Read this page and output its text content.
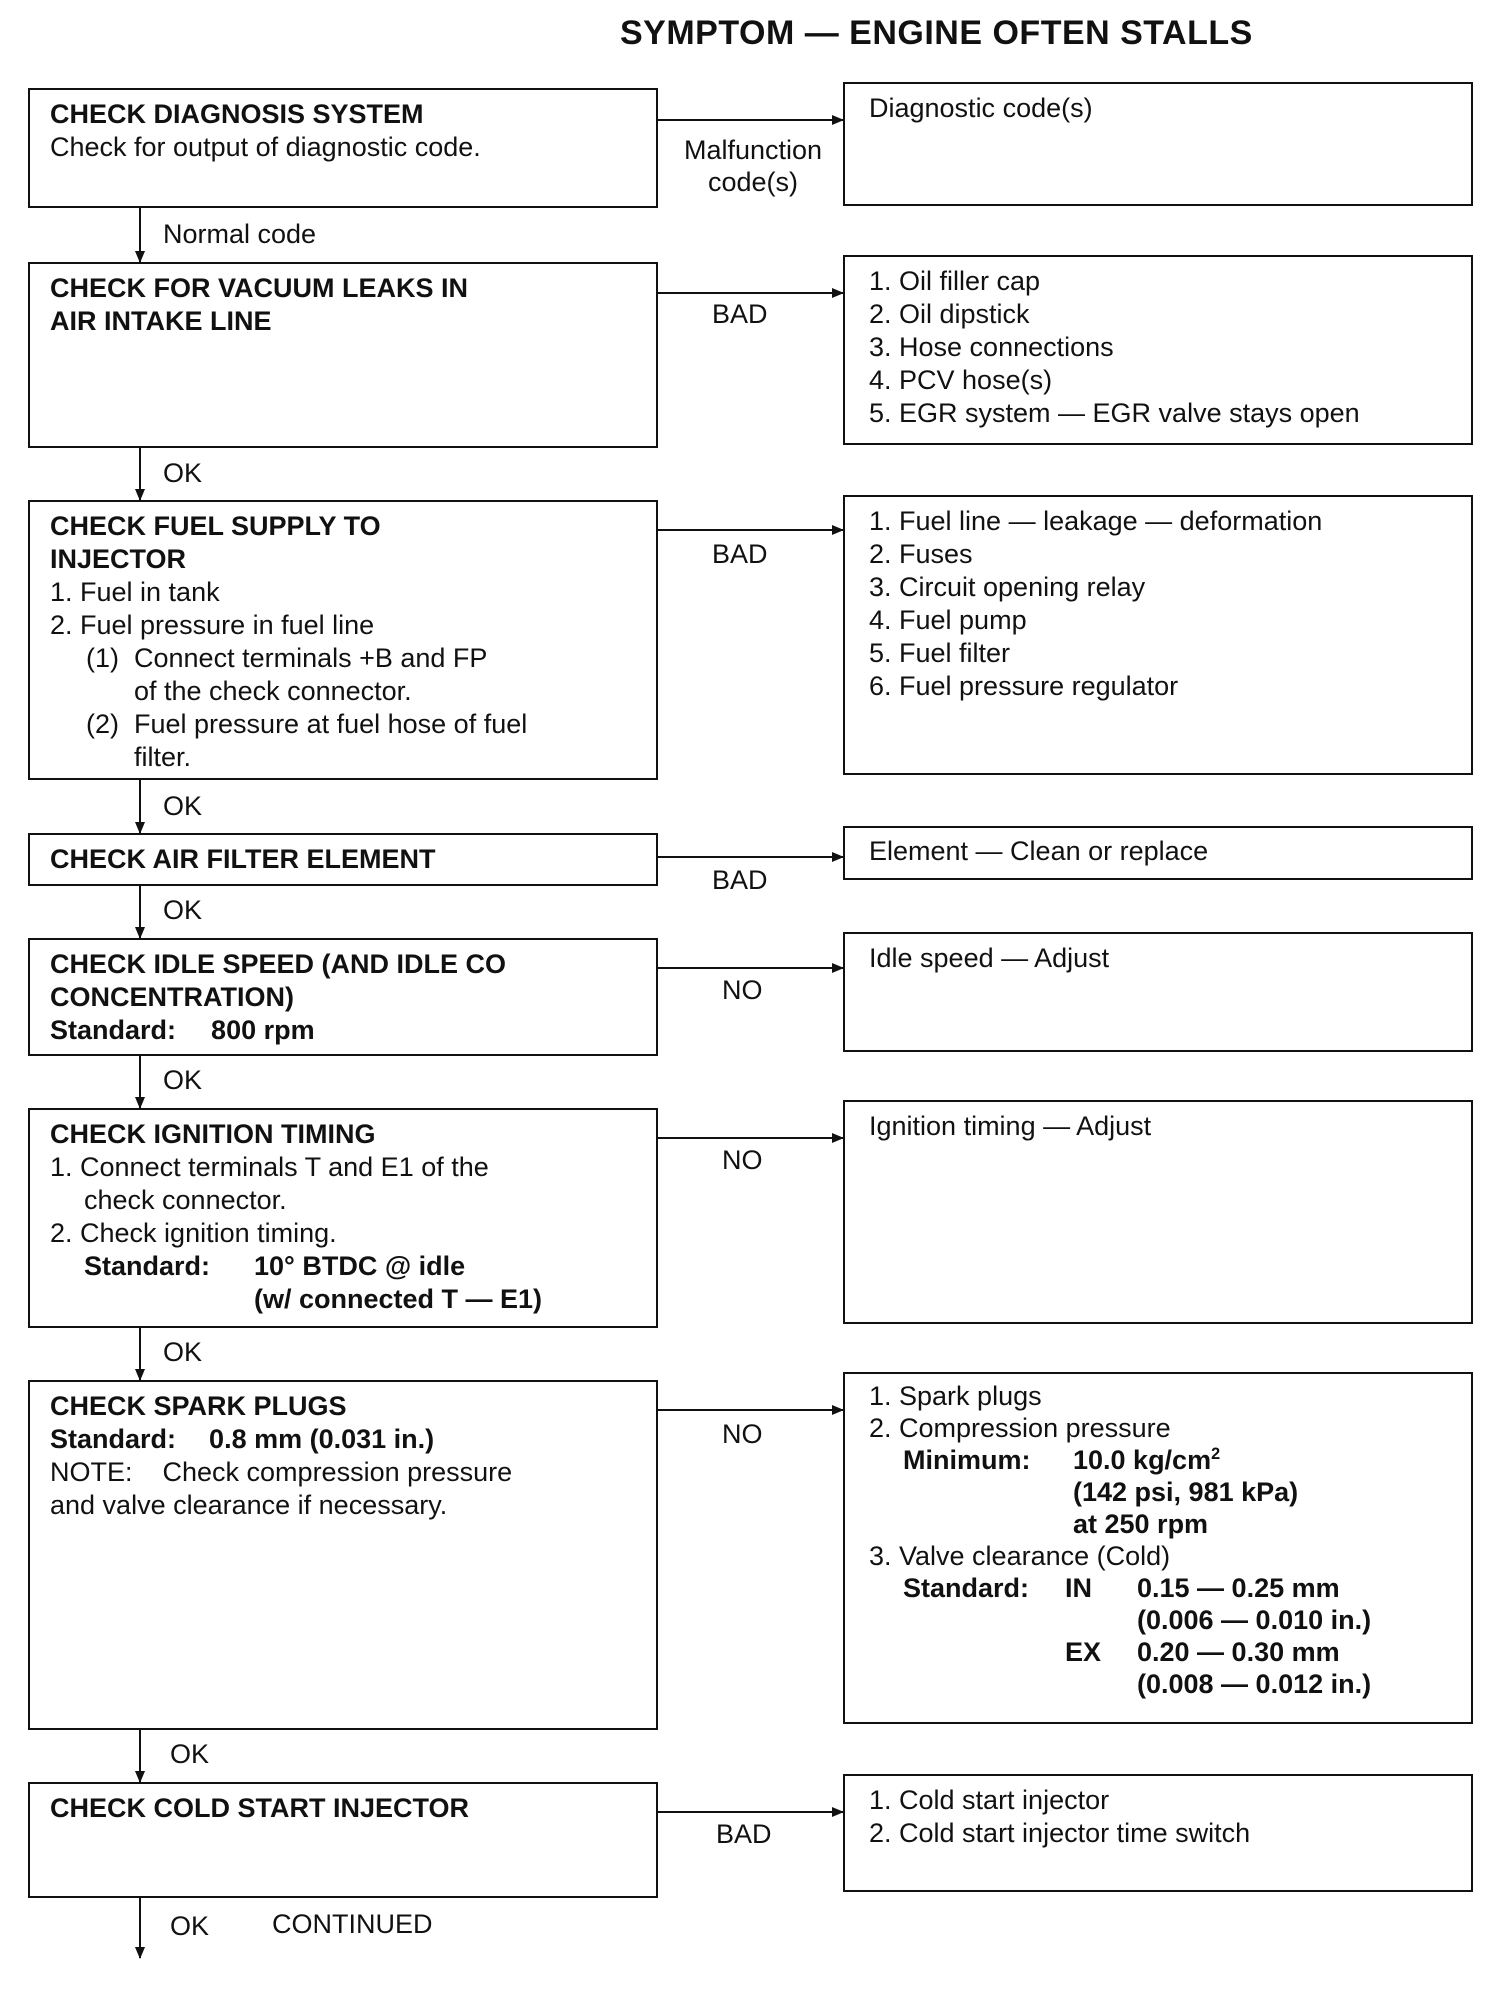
SYMPTOM — ENGINE OFTEN STALLS
CHECK DIAGNOSIS SYSTEM
Check for output of diagnostic code.	Malfunction
code(s)
Diagnostic code(s)
Normal code
CHECK FOR VACUUM LEAKS IN
AIR INTAKE LINE	BAD
1. Oil filler cap
2. Oil dipstick
3. Hose connections
4. PCV hose(s)
5. EGR system — EGR valve stays open
OK
CHECK FUEL SUPPLY TO
INJECTOR
1. Fuel in tank
2. Fuel pressure in fuel line
(1) Connect terminals +B and FP
of the check connector.
(2) Fuel pressure at fuel hose of fuel
filter.
BAD
1. Fuel line — leakage — deformation
2. Fuses
3. Circuit opening relay
4. Fuel pump
5. Fuel filter
6. Fuel pressure regulator
OK
CHECK AIR FILTER ELEMENT
BAD
Element — Clean or replace
OK
CHECK IDLE SPEED (AND IDLE CO
CONCENTRATION)
Standard: 800 rpm
NO
Idle speed — Adjust
OK
CHECK IGNITION TIMING
1. Connect terminals T and E1 of the
check connector.
2. Check ignition timing.
Standard:	10° BTDC @ idle
(w/ connected T — E1)
NO
Ignition timing — Adjust
OK
CHECK SPARK PLUGS
Standard: 0.8 mm (0.031 in.)
NOTE:    Check compression pressure
and valve clearance if necessary.
NO
1. Spark plugs
2. Compression pressure
Minimum:	10.0 $kg/cm^2$
(142 psi, 981 kPa)
at 250 rpm
3. Valve clearance (Cold)
Standard:	IN	0.15 — 0.25 mm
(0.006 — 0.010 in.)
EX	0.20 — 0.30 mm
(0.008 — 0.012 in.)
OK
CHECK COLD START INJECTOR
BAD
1. Cold start injector
2. Cold start injector time switch
OK CONTINUED
